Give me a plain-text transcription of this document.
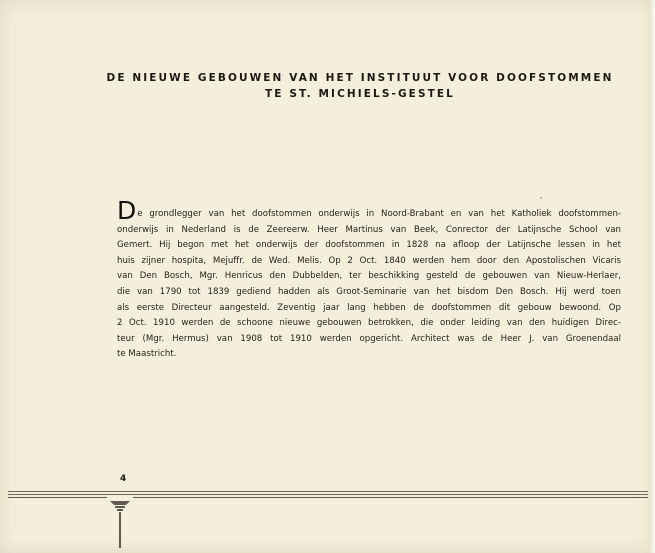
DE NIEUWE GEBOUWEN VAN HET INSTITUUT VOOR DOOFSTOMMEN
TE ST. MICHIELS-GESTEL
De grondlegger van het doofstommen onderwijs in Noord-Brabant en van het Katholiek doofstommen-
onderwijs in Nederland is de Zeereerw. Heer Martinus van Beek, Conrector der Latijnsche School van
Gemert. Hij begon met het onderwijs der doofstommen in 1828 na afloop der Latijnsche lessen in het
huis zijner hospita, Mejuffr. de Wed. Melis. Op 2 Oct. 1840 werden hem door den Apostolischen Vicaris
van Den Bosch, Mgr. Henricus den Dubbelden, ter beschikking gesteld de gebouwen van Nieuw-Herlaer,
die van 1790 tot 1839 gediend hadden als Groot-Seminarie van het bisdom Den Bosch. Hij werd toen
als eerste Directeur aangesteld. Zeventig jaar lang hebben de doofstommen dit gebouw bewoond. Op
2 Oct. 1910 werden de schoone nieuwe gebouwen betrokken, die onder leiding van den huidigen Direc-
teur (Mgr. Hermus) van 1908 tot 1910 werden opgericht. Architect was de Heer J. van Groenendaal
te Maastricht.
4
